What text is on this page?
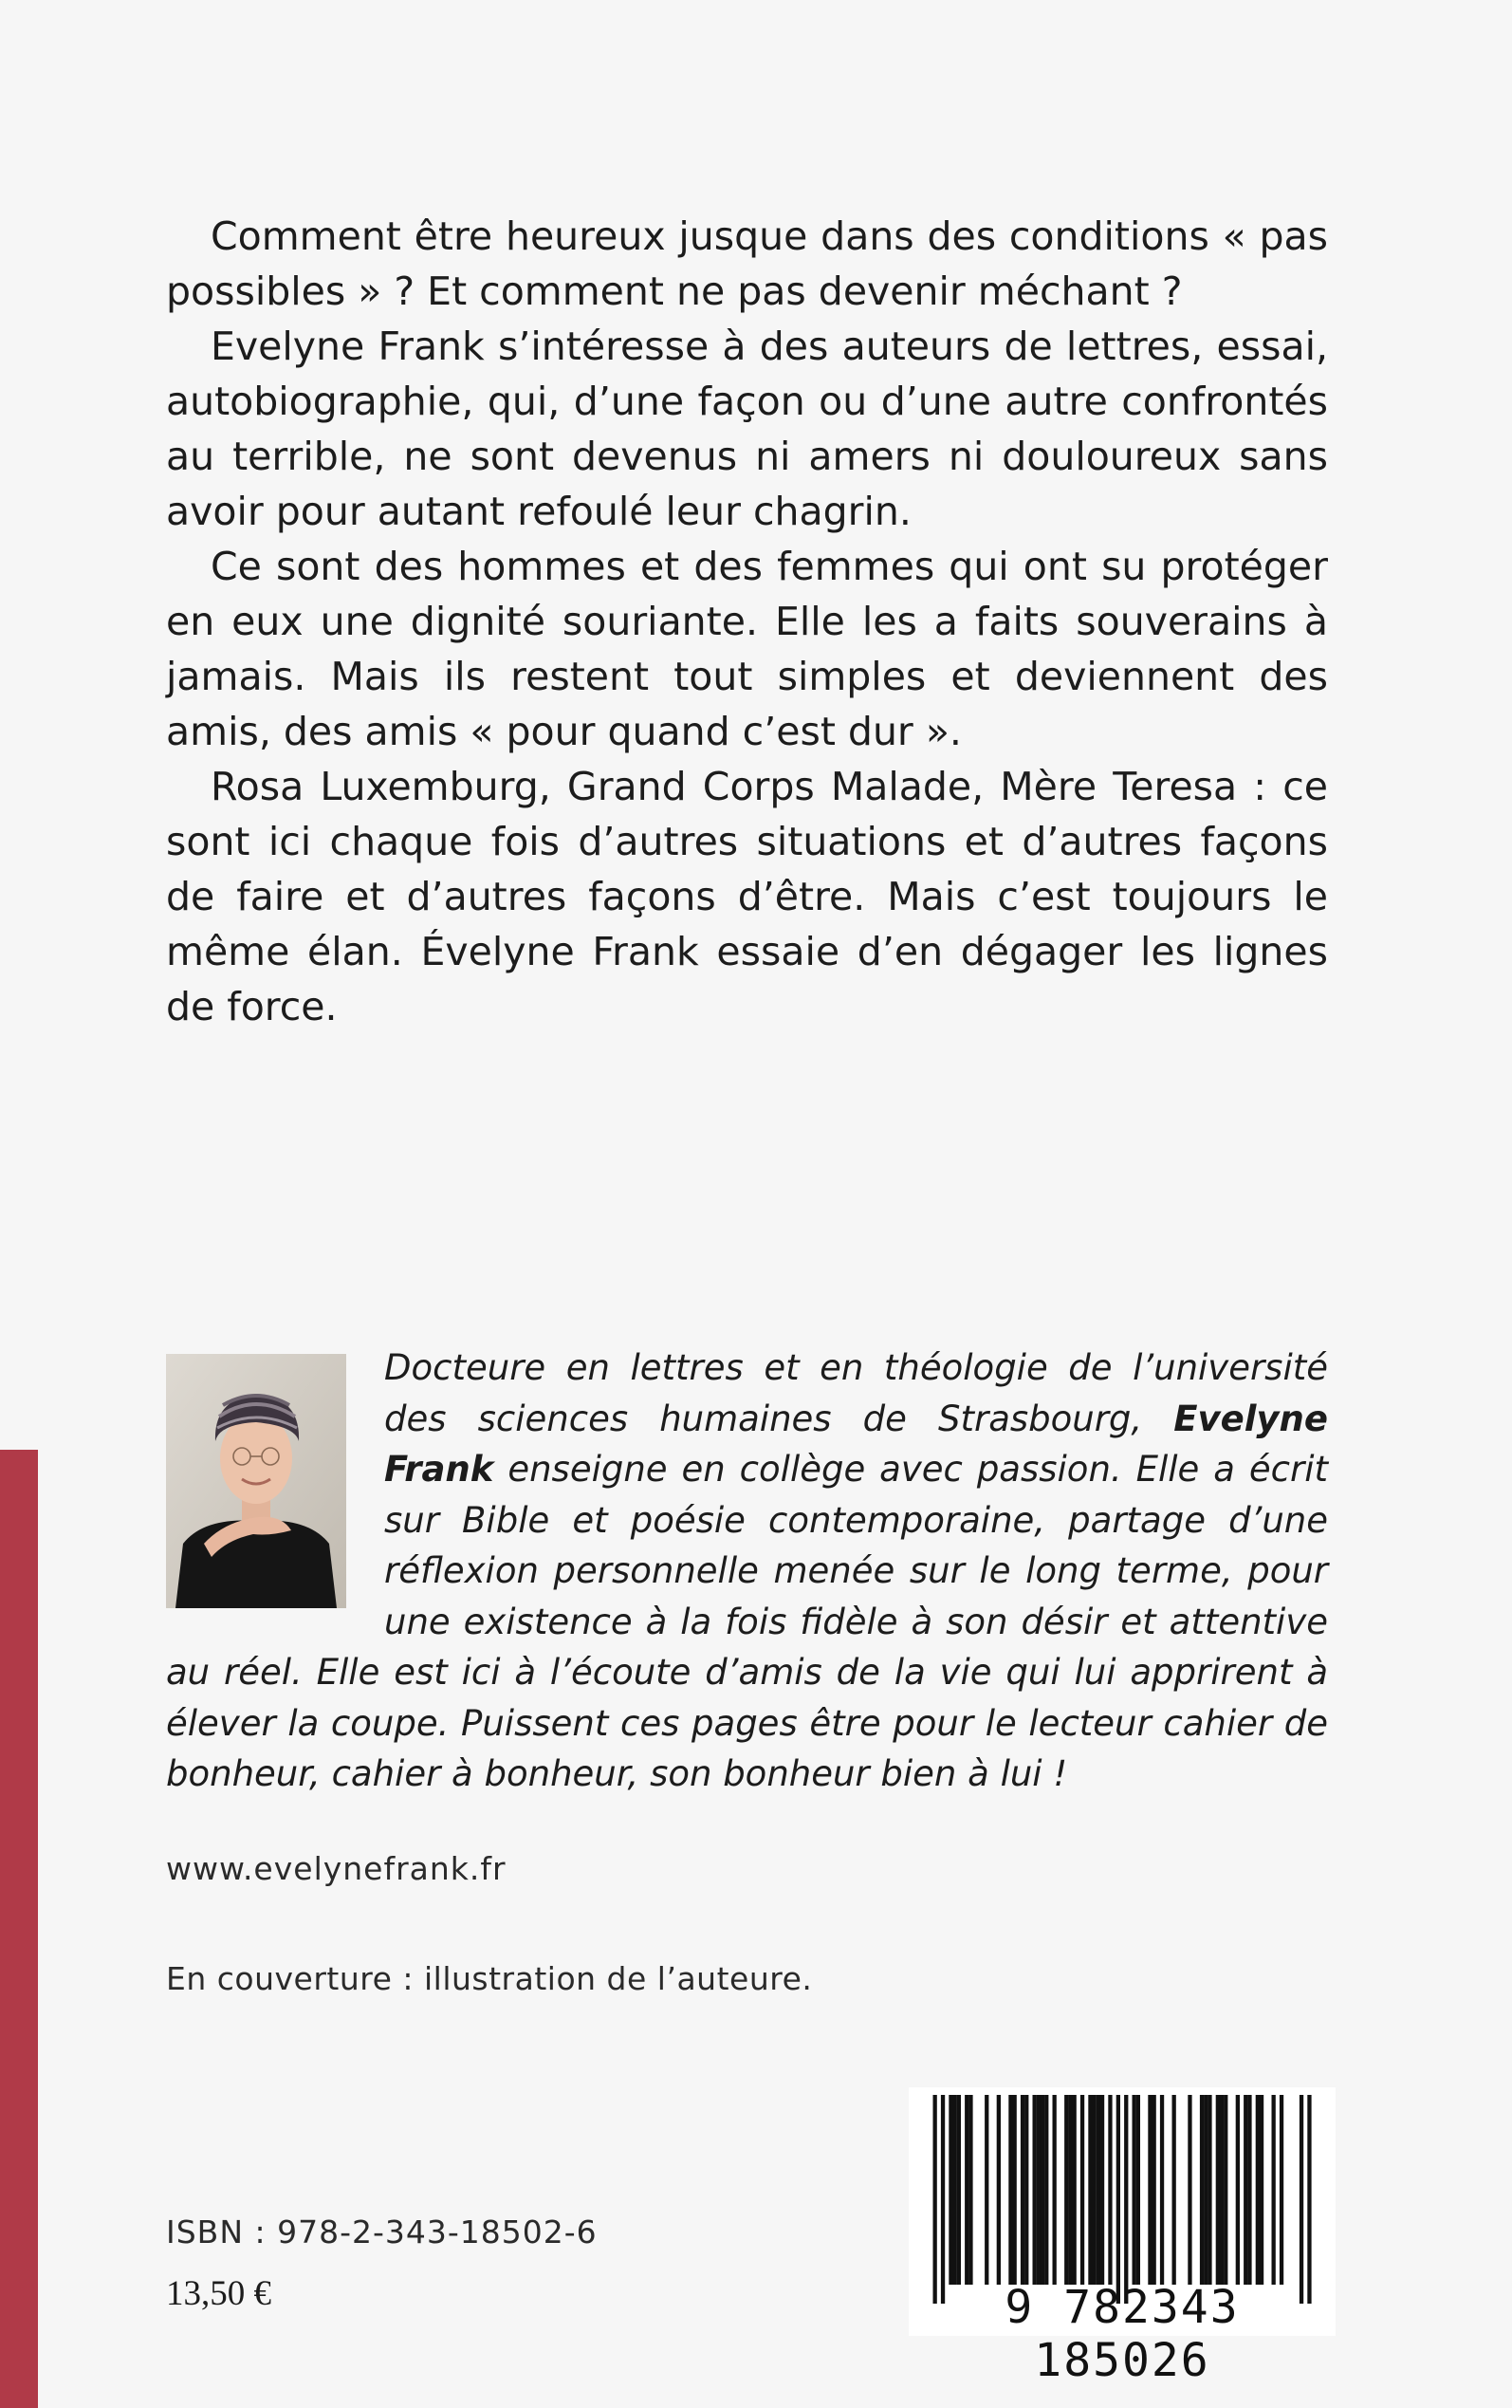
Comment être heureux jusque dans des conditions « pas possibles » ? Et comment ne pas devenir méchant ?

Evelyne Frank s’intéresse à des auteurs de lettres, essai, autobiographie, qui, d’une façon ou d’une autre confrontés au terrible, ne sont devenus ni amers ni douloureux sans avoir pour autant refoulé leur chagrin.

Ce sont des hommes et des femmes qui ont su protéger en eux une dignité souriante. Elle les a faits souverains à jamais. Mais ils restent tout simples et deviennent des amis, des amis « pour quand c’est dur ».

Rosa Luxemburg, Grand Corps Malade, Mère Teresa : ce sont ici chaque fois d’autres situations et d’autres façons de faire et d’autres façons d’être. Mais c’est toujours le même élan. Évelyne Frank essaie d’en dégager les lignes de force.

Docteure en lettres et en théologie de l’université des sciences humaines de Strasbourg, Evelyne Frank enseigne en collège avec passion. Elle a écrit sur Bible et poésie contemporaine, partage d’une réflexion personnelle menée sur le long terme, pour une existence à la fois fidèle à son désir et attentive au réel. Elle est ici à l’écoute d’amis de la vie qui lui apprirent à élever la coupe. Puissent ces pages être pour le lecteur cahier de bonheur, cahier à bonheur, son bonheur bien à lui !

www.evelynefrank.fr
En couverture : illustration de l’auteure.
ISBN : 978-2-343-18502-6
13,50 €	9 782343 185026
